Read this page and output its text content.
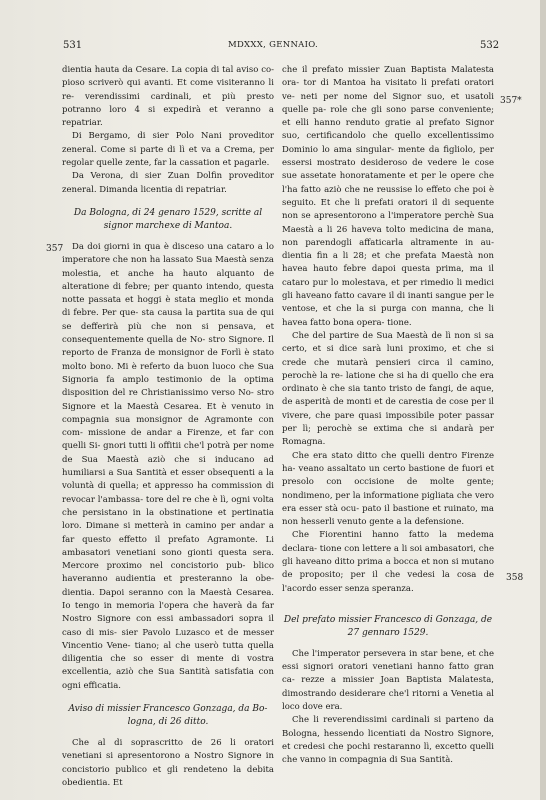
531	MDXXX, GENNAIO.	532
357
357*
358

dientia hauta da Cesare. La copia di tal aviso co- pioso scriverò qui avanti. Et come visiteranno li re- verendissimi cardinali, et più presto potranno loro 4 si expedirà et veranno a repatriar.

Di Bergamo, di sier Polo Nani proveditor zeneral. Come si parte di lì et va a Crema, per regolar quelle zente, far la cassation et pagarle.

Da Verona, di sier Zuan Dolfin proveditor zeneral. Dimanda licentia di repatriar.

Da Bologna, di 24 genaro 1529, scritte al signor marchexe di Mantoa.

Da doi giorni in qua è disceso una cataro a lo imperatore che non ha lassato Sua Maestà senza molestia, et anche ha hauto alquanto de alteratione di febre; per quanto intendo, questa notte passata et hoggi è stata meglio et monda di febre. Per que- sta causa la partita sua de qui se defferirà più che non si pensava, et consequentemente quella de No- stro Signore. Il reporto de Franza de monsignor de Forlì è stato molto bono. Mi è referto da buon luoco che Sua Signoria fa amplo testimonio de la optima disposition del re Christianissimo verso No- stro Signore et la Maestà Cesarea. Et è venuto in compagnia sua monsignor de Agramonte con com- missione de andar a Firenze, et far con quelli Si- gnori tutti li offitii che'l potrà per nome de Sua Maestà aziò che si inducano ad humiliarsi a Sua Santità et esser obsequenti a la voluntà di quella; et appresso ha commission di revocar l'ambassa- tore del re che è lì, ogni volta che persistano in la obstinatione et pertinatia loro. Dimane si metterà in camino per andar a far questo effetto il prefato Agramonte. Li ambasatori venetiani sono gionti questa sera. Mercore proximo nel concistorio pub- blico haveranno audientia et presteranno la obe- dientia. Dapoi seranno con la Maestà Cesarea. Io tengo in memoria l'opera che haverà da far Nostro Signore con essi ambassadori sopra il caso di mis- sier Pavolo Luzasco et de messer Vincentio Vene- tiano; al che userò tutta quella diligentia che so esser di mente di vostra excellentia, aziò che Sua Santità satisfatia con ogni efficatia.

Aviso di missier Francesco Gonzaga, da Bo- logna, di 26 ditto.

Che al di soprascritto de 26 li oratori venetiani si apresentorono a Nostro Signore in concistorio publico et gli rendeteno la debita obedientia. Et

che il prefato missier Zuan Baptista Malatesta ora- tor di Mantoa ha visitato li prefati oratori ve- neti per nome del Signor suo, et usatoli quelle pa- role che gli sono parse conveniente; et elli hanno renduto gratie al prefato Signor suo, certificandolo che quello excellentissimo Dominio lo ama singular- mente da figliolo, per essersi mostrato desideroso de vedere le cose sue assetate honoratamente et per le opere che l'ha fatto aziò che ne reussise lo effeto che poi è seguito. Et che li prefati oratori il di sequente non se apresentorono a l'imperatore perchè Sua Maestà a li 26 haveva tolto medicina de mana, non parendogli affaticarla altramente in au- dientia fin a li 28; et che prefata Maestà non havea hauto febre dapoi questa prima, ma il cataro pur lo molestava, et per rimedio li medici gli haveano fatto cavare il di inanti sangue per le ventose, et che la si purga con manna, che li havea fatto bona opera- tione.

Che del partire de Sua Maestà de lì non si sa certo, et si dice sarà luni proximo, et che si crede che mutarà pensieri circa il camino, perochè la re- latione che si ha di quello che era ordinato è che sia tanto tristo de fangi, de aque, de asperità de monti et de carestia de cose per il vivere, che pare quasi impossibile poter passar per lì; perochè se extima che si andarà per Romagna.

Che era stato ditto che quelli dentro Firenze ha- veano assaltato un certo bastione de fuori et presolo con occisione de molte gente; nondimeno, per la informatione pigliata che vero era esser stà ocu- pato il bastione et ruinato, ma non hesserli venuto gente a la defensione.

Che Fiorentini hanno fatto la medema declara- tione con lettere a li soi ambasatori, che gli haveano ditto prima a bocca et non si mutano de proposito; per il che vedesi la cosa de l'acordo esser senza speranza.

Del prefato missier Francesco di Gonzaga, de 27 gennaro 1529.

Che l'imperator persevera in star bene, et che essi signori oratori venetiani hanno fatto gran ca- rezze a missier Joan Baptista Malatesta, dimostrando desiderare che'l ritorni a Venetia al loco dove era.

Che li reverendissimi cardinali si parteno da Bologna, hessendo licentiati da Nostro Signore, et credesi che pochi restaranno lì, excetto quelli che vanno in compagnia di Sua Santità.
